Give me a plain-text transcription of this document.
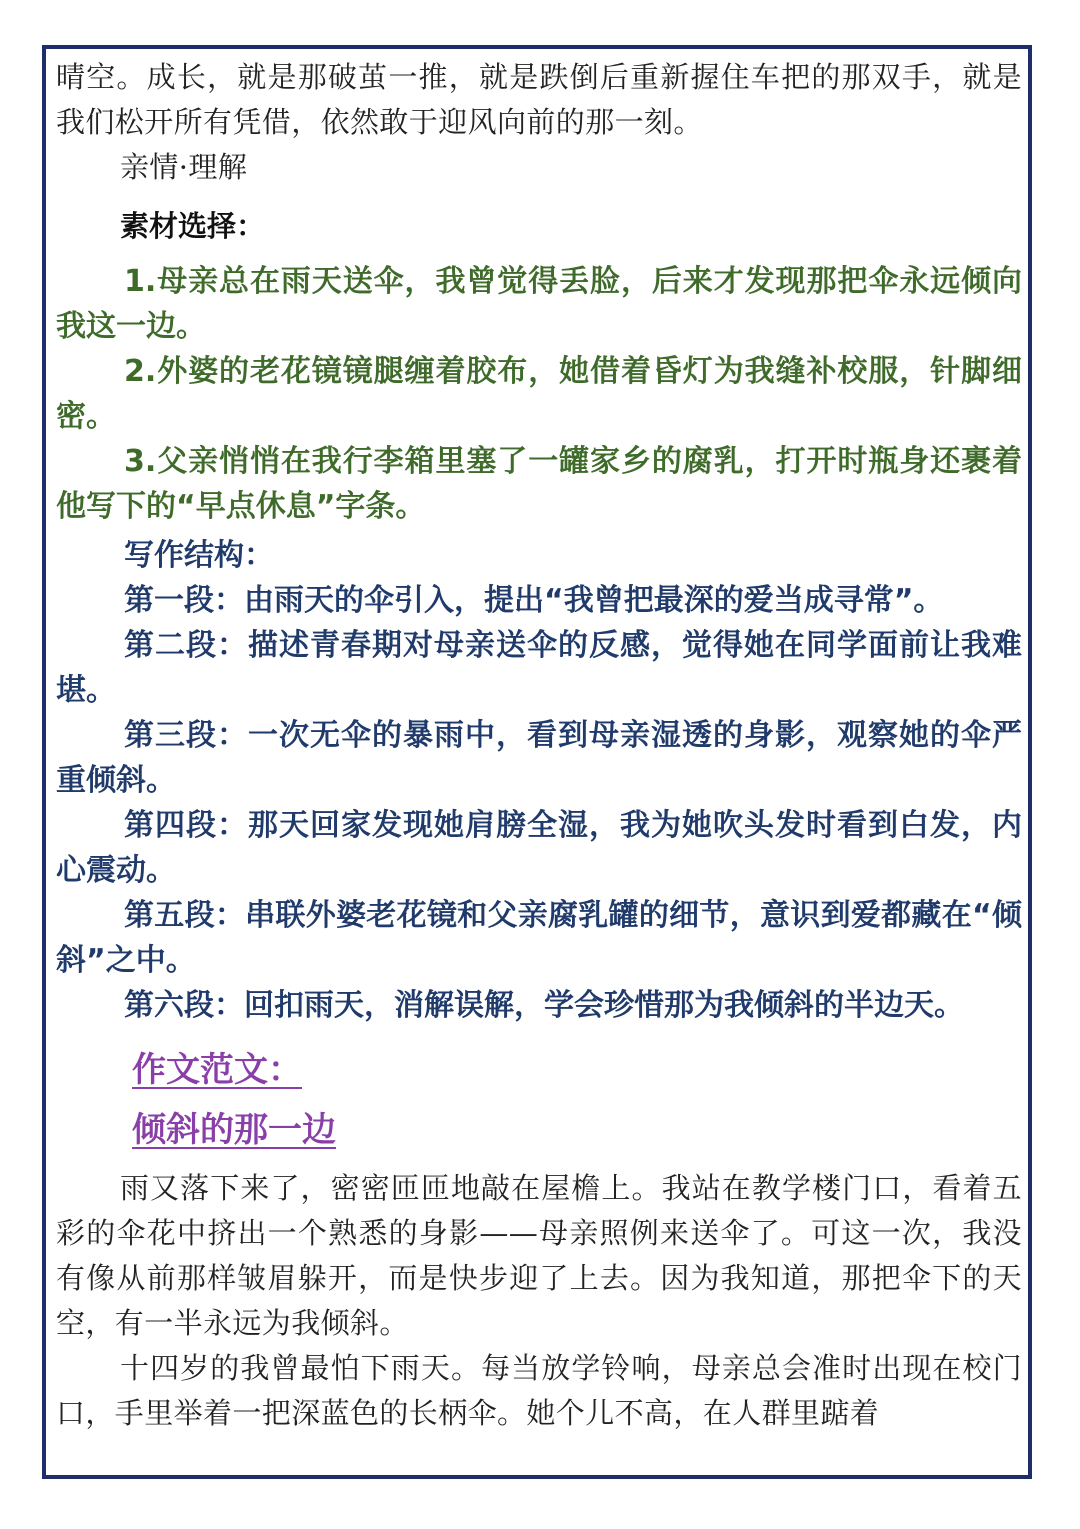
晴空。成长，就是那破茧一推，就是跌倒后重新握住车把的那双手，就是我们松开所有凭借，依然敢于迎风向前的那一刻。

亲情·理解

素材选择：

1.母亲总在雨天送伞，我曾觉得丢脸，后来才发现那把伞永远倾向我这一边。

2.外婆的老花镜镜腿缠着胶布，她借着昏灯为我缝补校服，针脚细密。

3.父亲悄悄在我行李箱里塞了一罐家乡的腐乳，打开时瓶身还裹着他写下的“早点休息”字条。

写作结构：

第一段：由雨天的伞引入，提出“我曾把最深的爱当成寻常”。

第二段：描述青春期对母亲送伞的反感，觉得她在同学面前让我难堪。

第三段：一次无伞的暴雨中，看到母亲湿透的身影，观察她的伞严重倾斜。

第四段：那天回家发现她肩膀全湿，我为她吹头发时看到白发，内心震动。

第五段：串联外婆老花镜和父亲腐乳罐的细节，意识到爱都藏在“倾斜”之中。

第六段：回扣雨天，消解误解，学会珍惜那为我倾斜的半边天。

作文范文：

倾斜的那一边

雨又落下来了，密密匝匝地敲在屋檐上。我站在教学楼门口，看着五彩的伞花中挤出一个熟悉的身影——母亲照例来送伞了。可这一次，我没有像从前那样皱眉躲开，而是快步迎了上去。因为我知道，那把伞下的天空，有一半永远为我倾斜。

十四岁的我曾最怕下雨天。每当放学铃响，母亲总会准时出现在校门口，手里举着一把深蓝色的长柄伞。她个儿不高，在人群里踮着
